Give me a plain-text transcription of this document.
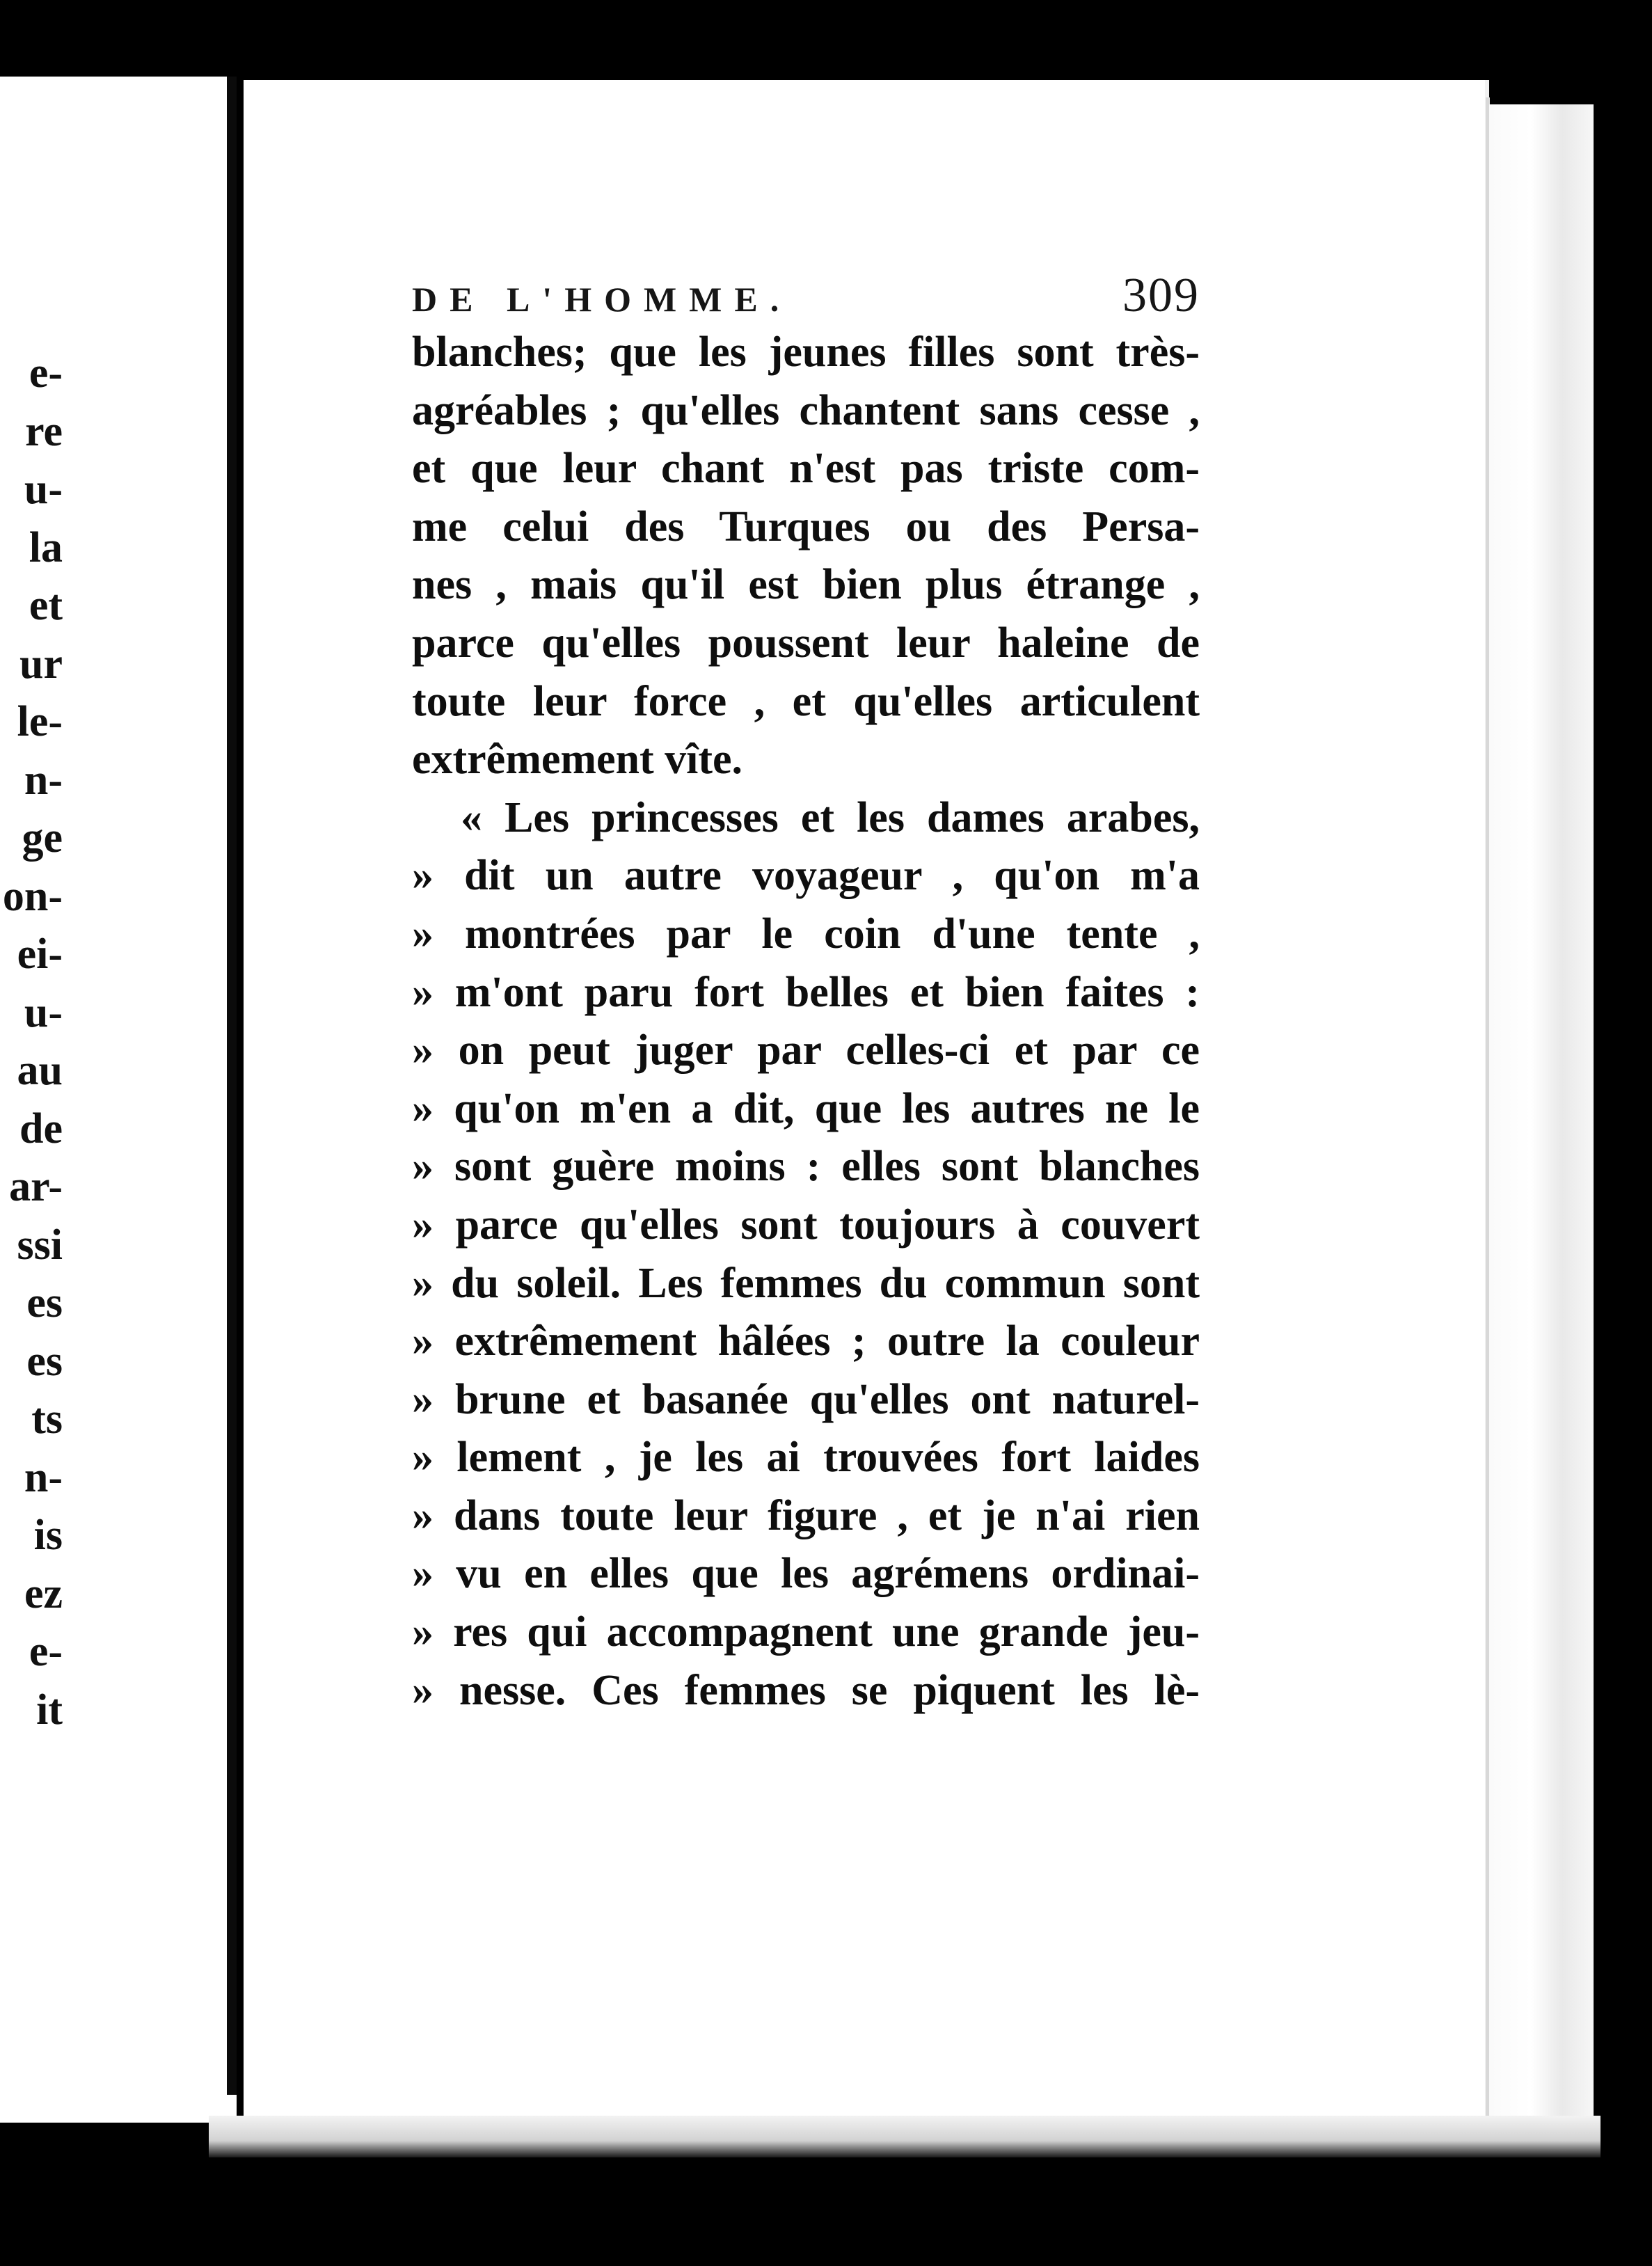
e-
re
u-
la
et
ur
le-
n-
ge
on-
ei-
u-
au
de
ar-
ssi
es
es
ts
n-
is
ez
e-
it
DE L'HOMME.	309
blanches; que les jeunes filles sont très-
agréables ; qu'elles chantent sans cesse ,
et que leur chant n'est pas triste com-
me celui des Turques ou des Persa-
nes , mais qu'il est bien plus étrange ,
parce qu'elles poussent leur haleine de
toute leur force , et qu'elles articulent
extrêmement vîte.
« Les princesses et les dames arabes,
» dit un autre voyageur , qu'on m'a
» montrées par le coin d'une tente ,
» m'ont paru fort belles et bien faites :
» on peut juger par celles-ci et par ce
» qu'on m'en a dit, que les autres ne le
» sont guère moins : elles sont blanches
» parce qu'elles sont toujours à couvert
» du soleil. Les femmes du commun sont
» extrêmement hâlées ; outre la couleur
» brune et basanée qu'elles ont naturel-
» lement , je les ai trouvées fort laides
» dans toute leur figure , et je n'ai rien
» vu en elles que les agrémens ordinai-
» res qui accompagnent une grande jeu-
» nesse. Ces femmes se piquent les lè-
